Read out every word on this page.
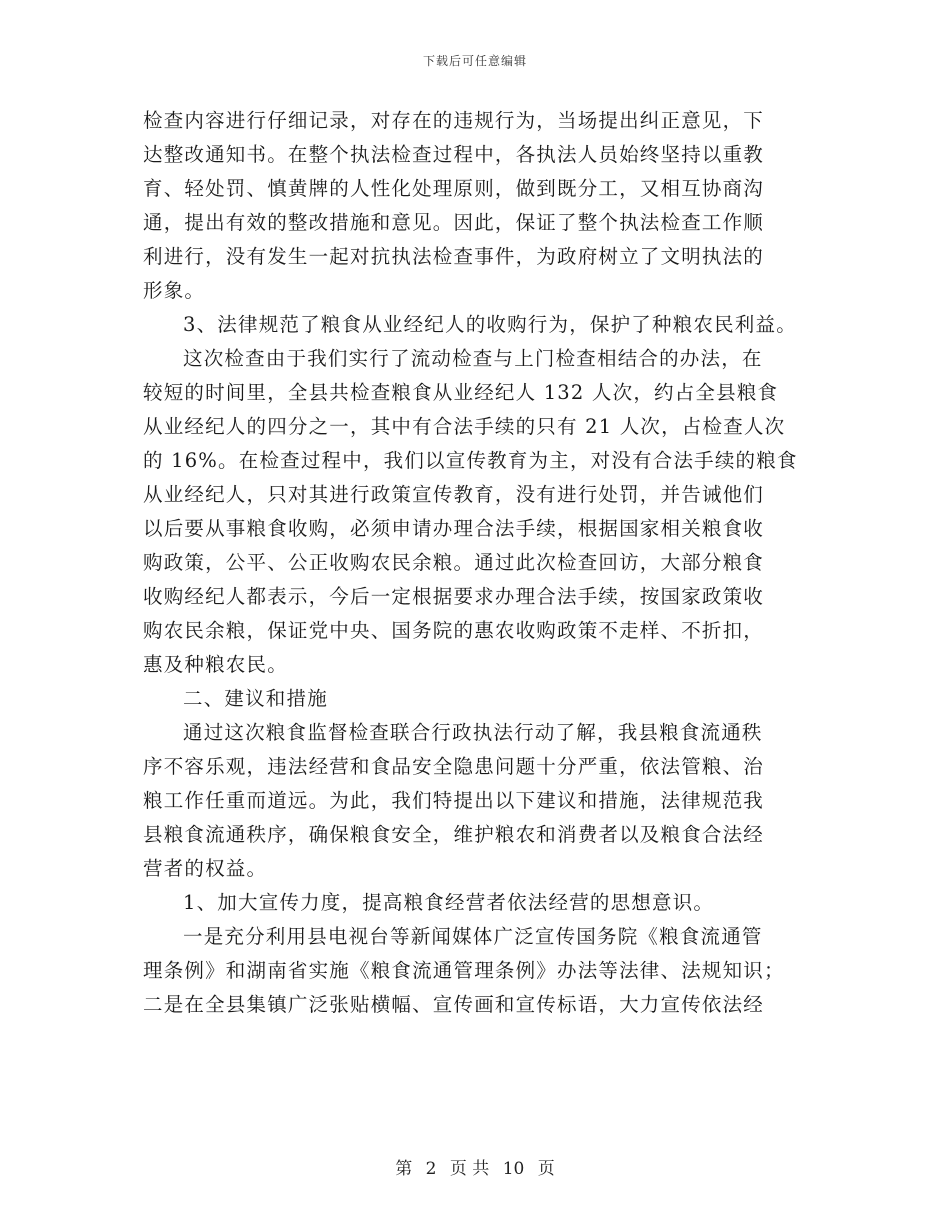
下载后可任意编辑
检查内容进行仔细记录，对存在的违规行为，当场提出纠正意见，下
达整改通知书。在整个执法检查过程中，各执法人员始终坚持以重教
育、轻处罚、慎黄牌的人性化处理原则，做到既分工，又相互协商沟
通，提出有效的整改措施和意见。因此，保证了整个执法检查工作顺
利进行，没有发生一起对抗执法检查事件，为政府树立了文明执法的
形象。
3、法律规范了粮食从业经纪人的收购行为，保护了种粮农民利益。
这次检查由于我们实行了流动检查与上门检查相结合的办法，在
较短的时间里，全县共检查粮食从业经纪人 132 人次，约占全县粮食
从业经纪人的四分之一，其中有合法手续的只有 21 人次，占检查人次
的 16%。在检查过程中，我们以宣传教育为主，对没有合法手续的粮食
从业经纪人，只对其进行政策宣传教育，没有进行处罚，并告诫他们
以后要从事粮食收购，必须申请办理合法手续，根据国家相关粮食收
购政策，公平、公正收购农民余粮。通过此次检查回访，大部分粮食
收购经纪人都表示，今后一定根据要求办理合法手续，按国家政策收
购农民余粮，保证党中央、国务院的惠农收购政策不走样、不折扣，
惠及种粮农民。
二、建议和措施
通过这次粮食监督检查联合行政执法行动了解，我县粮食流通秩
序不容乐观，违法经营和食品安全隐患问题十分严重，依法管粮、治
粮工作任重而道远。为此，我们特提出以下建议和措施，法律规范我
县粮食流通秩序，确保粮食安全，维护粮农和消费者以及粮食合法经
营者的权益。
1、加大宣传力度，提高粮食经营者依法经营的思想意识。
一是充分利用县电视台等新闻媒体广泛宣传国务院《粮食流通管
理条例》和湖南省实施《粮食流通管理条例》办法等法律、法规知识；
二是在全县集镇广泛张贴横幅、宣传画和宣传标语，大力宣传依法经
第 2 页 共 10 页
